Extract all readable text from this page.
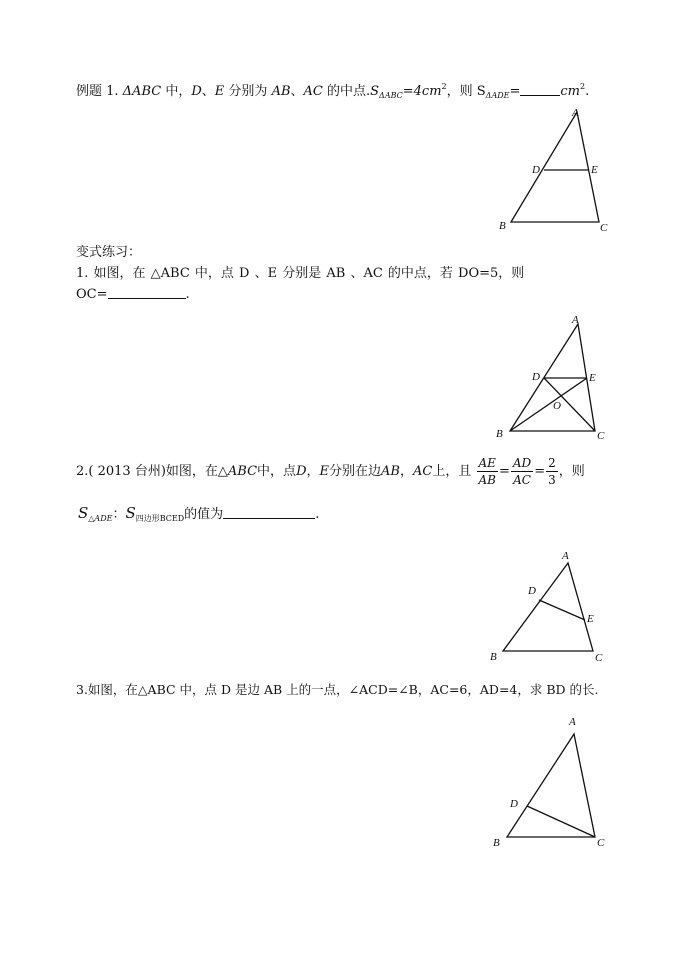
例题 1. ΔABC 中，D、E 分别为 AB、AC 的中点$.S_{\Delta ABC}=4cm^2$，则 $S_{\Delta ADE}=$	$cm^2$.
A
D	E
B	C
变式练习：
1. 如图，在 △ABC 中，点 D 、E 分别是 AB 、AC 的中点，若 DO=5，则
OC=	.
A
D	E
O
B	C
2.( 2013 台州)如图，在△ABC中，点D，E分别在边AB，AC上，且 $\frac{AE}{AB} = \frac{AD}{AC} = \frac{2}{3}$ ，则
$S_{\triangle ADE}$：$S_{四边形BCED}$的值为	.
A
D
E
B	C
3.如图，在△ABC 中，点 D 是边 AB 上的一点，∠ACD=∠B，AC=6，AD=4，求 BD 的长.
A
D
B	C
